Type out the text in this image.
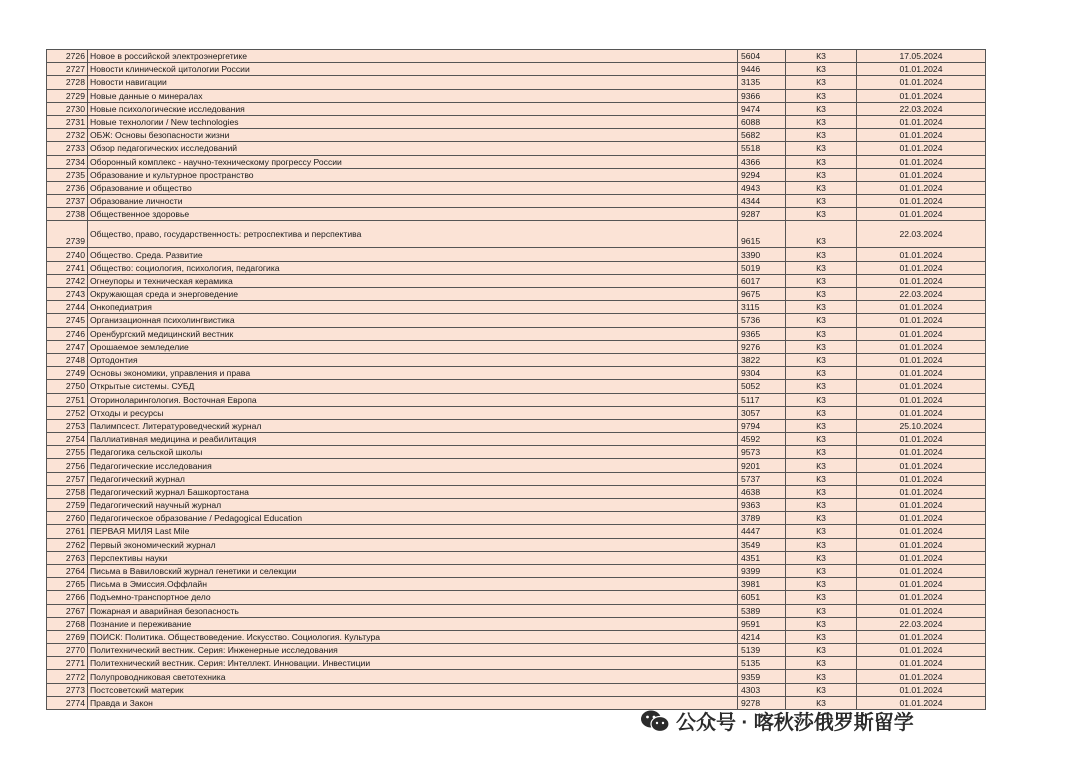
2726	Новое в российской электроэнергетике	5604	К3	17.05.2024
2727	Новости клинической цитологии России	9446	К3	01.01.2024
2728	Новости навигации	3135	К3	01.01.2024
2729	Новые данные о минералах	9366	К3	01.01.2024
2730	Новые психологические исследования	9474	К3	22.03.2024
2731	Новые технологии / New technologies	6088	К3	01.01.2024
2732	ОБЖ: Основы безопасности жизни	5682	К3	01.01.2024
2733	Обзор педагогических исследований	5518	К3	01.01.2024
2734	Оборонный комплекс - научно-техническому прогрессу России	4366	К3	01.01.2024
2735	Образование и культурное пространство	9294	К3	01.01.2024
2736	Образование и общество	4943	К3	01.01.2024
2737	Образование личности	4344	К3	01.01.2024
2738	Общественное здоровье	9287	К3	01.01.2024
2739	Общество, право, государственность: ретроспектива и перспектива	9615	К3	22.03.2024
2740	Общество. Среда. Развитие	3390	К3	01.01.2024
2741	Общество: социология, психология, педагогика	5019	К3	01.01.2024
2742	Огнеупоры и техническая керамика	6017	К3	01.01.2024
2743	Окружающая среда и энерговедение	9675	К3	22.03.2024
2744	Онкопедиатрия	3115	К3	01.01.2024
2745	Организационная психолингвистика	5736	К3	01.01.2024
2746	Оренбургский медицинский вестник	9365	К3	01.01.2024
2747	Орошаемое земледелие	9276	К3	01.01.2024
2748	Ортодонтия	3822	К3	01.01.2024
2749	Основы экономики, управления и права	9304	К3	01.01.2024
2750	Открытые системы. СУБД	5052	К3	01.01.2024
2751	Оториноларингология. Восточная Европа	5117	К3	01.01.2024
2752	Отходы и ресурсы	3057	К3	01.01.2024
2753	Палимпсест. Литературоведческий журнал	9794	К3	25.10.2024
2754	Паллиативная медицина и реабилитация	4592	К3	01.01.2024
2755	Педагогика сельской школы	9573	К3	01.01.2024
2756	Педагогические исследования	9201	К3	01.01.2024
2757	Педагогический журнал	5737	К3	01.01.2024
2758	Педагогический журнал Башкортостана	4638	К3	01.01.2024
2759	Педагогический научный журнал	9363	К3	01.01.2024
2760	Педагогическое образование / Pedagogical Education	3789	К3	01.01.2024
2761	ПЕРВАЯ МИЛЯ Last Mile	4447	К3	01.01.2024
2762	Первый экономический журнал	3549	К3	01.01.2024
2763	Перспективы науки	4351	К3	01.01.2024
2764	Письма в Вавиловский журнал генетики и селекции	9399	К3	01.01.2024
2765	Письма в Эмиссия.Оффлайн	3981	К3	01.01.2024
2766	Подъемно-транспортное дело	6051	К3	01.01.2024
2767	Пожарная и аварийная безопасность	5389	К3	01.01.2024
2768	Познание и переживание	9591	К3	22.03.2024
2769	ПОИСК: Политика. Обществоведение. Искусство. Социология. Культура	4214	К3	01.01.2024
2770	Политехнический вестник. Серия: Инженерные исследования	5139	К3	01.01.2024
2771	Политехнический вестник. Серия: Интеллект. Инновации. Инвестиции	5135	К3	01.01.2024
2772	Полупроводниковая светотехника	9359	К3	01.01.2024
2773	Постсоветский материк	4303	К3	01.01.2024
2774	Правда и Закон	9278	К3	01.01.2024
公众号 · 喀秋莎俄罗斯留学
